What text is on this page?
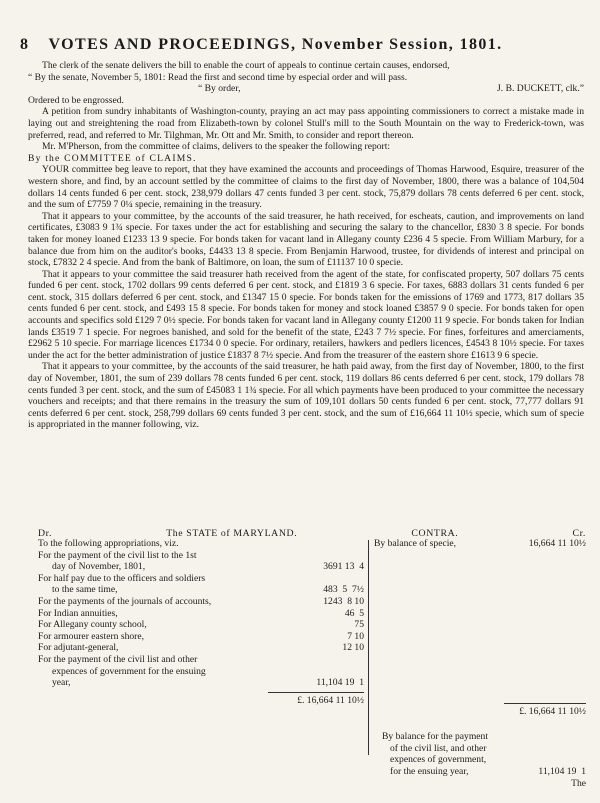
8 VOTES AND PROCEEDINGS, November Session, 1801.

The clerk of the senate delivers the bill to enable the court of appeals to continue certain causes, endorsed,

“ By the senate, November 5, 1801: Read the first and second time by especial order and will pass.

“ By order,	J. B. DUCKETT, clk.”

Ordered to be engrossed.

A petition from sundry inhabitants of Washington-county, praying an act may pass appointing commissioners to correct a mistake made in laying out and streightening the road from Elizabeth-town by colonel Stull's mill to the South Mountain on the way to Frederick-town, was preferred, read, and referred to Mr. Tilghman, Mr. Ott and Mr. Smith, to consider and report thereon.

Mr. M'Pherson, from the committee of claims, delivers to the speaker the following report:

By the COMMITTEE of CLAIMS.

YOUR committee beg leave to report, that they have examined the accounts and proceedings of Thomas Harwood, Esquire, treasurer of the western shore, and find, by an account settled by the committee of claims to the first day of November, 1800, there was a balance of 104,504 dollars 14 cents funded 6 per cent. stock, 238,979 dollars 47 cents funded 3 per cent. stock, 75,879 dollars 78 cents deferred 6 per cent. stock, and the sum of £7759 7 0¼ specie, remaining in the treasury.

That it appears to your committee, by the accounts of the said treasurer, he hath received, for escheats, caution, and improvements on land certificates, £3083 9 1¾ specie. For taxes under the act for establishing and securing the salary to the chancellor, £830 3 8 specie. For bonds taken for money loaned £1233 13 9 specie. For bonds taken for vacant land in Allegany county £236 4 5 specie. From William Marbury, for a balance due from him on the auditor's books, £4433 13 8 specie. From Benjamin Harwood, trustee, for dividends of interest and principal on stock, £7832 2 4 specie. And from the bank of Baltimore, on loan, the sum of £11137 10 0 specie.

That it appears to your committee the said treasurer hath received from the agent of the state, for confiscated property, 507 dollars 75 cents funded 6 per cent. stock, 1702 dollars 99 cents deferred 6 per cent. stock, and £1819 3 6 specie. For taxes, 6883 dollars 31 cents funded 6 per cent. stock, 315 dollars deferred 6 per cent. stock, and £1347 15 0 specie. For bonds taken for the emissions of 1769 and 1773, 817 dollars 35 cents funded 6 per cent. stock, and £493 15 8 specie. For bonds taken for money and stock loaned £3857 9 0 specie. For bonds taken for open accounts and specifics sold £129 7 0½ specie. For bonds taken for vacant land in Allegany county £1200 11 9 specie. For bonds taken for Indian lands £3519 7 1 specie. For negroes banished, and sold for the benefit of the state, £243 7 7½ specie. For fines, forfeitures and amerciaments, £2962 5 10 specie. For marriage licences £1734 0 0 specie. For ordinary, retailers, hawkers and pedlers licences, £4543 8 10½ specie. For taxes under the act for the better administration of justice £1837 8 7½ specie. And from the treasurer of the eastern shore £1613 9 6 specie.

That it appears to your committee, by the accounts of the said treasurer, he hath paid away, from the first day of November, 1800, to the first day of November, 1801, the sum of 239 dollars 78 cents funded 6 per cent. stock, 119 dollars 86 cents deferred 6 per cent. stock, 179 dollars 78 cents funded 3 per cent. stock, and the sum of £45083 1 1¾ specie. For all which payments have been produced to your committee the necessary vouchers and receipts; and that there remains in the treasury the sum of 109,101 dollars 50 cents funded 6 per cent. stock, 77,777 dollars 91 cents deferred 6 per cent. stock, 258,799 dollars 69 cents funded 3 per cent. stock, and the sum of £16,664 11 10½ specie, which sum of specie is appropriated in the manner following, viz.

Dr.	The STATE of MARYLAND.	CONTRA.	Cr.
To the following appropriations, viz.
For the payment of the civil list to the 1st
day of November, 1801,	3691 13  4
For half pay due to the officers and soldiers
to the same time,	483  5  7½
For the payments of the journals of accounts,	1243  8 10
For Indian annuities,	46  5
For Allegany county school,	75
For armourer eastern shore,	7 10
For adjutant-general,	12 10
For the payment of the civil list and other
expences of government for the ensuing
year,	11,104 19  1
£. 16,664 11 10½
By balance of specie,	16,664 11 10½
£. 16,664 11 10½
By balance for the payment
of the civil list, and other
expences of government,
for the ensuing year,	11,104 19  1
The
